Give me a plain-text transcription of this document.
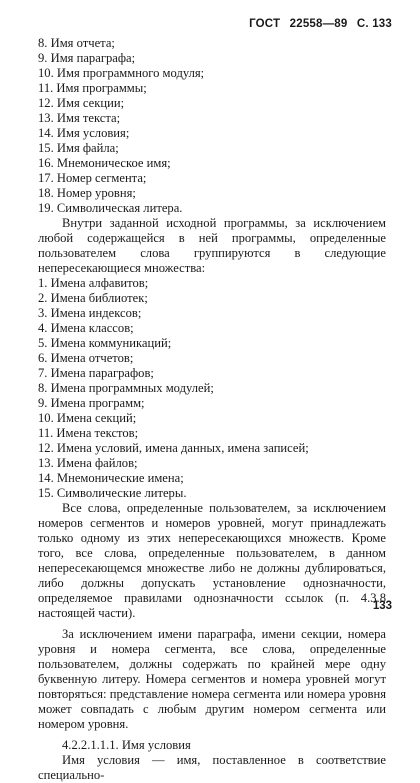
ГОСТ 22558—89 С. 133
8. Имя отчета;
9. Имя параграфа;
10. Имя программного модуля;
11. Имя программы;
12. Имя секции;
13. Имя текста;
14. Имя условия;
15. Имя файла;
16. Мнемоническое имя;
17. Номер сегмента;
18. Номер уровня;
19. Символическая литера.

Внутри заданной исходной программы, за исключением любой содержащейся в ней программы, определенные пользователем слова группируются в следующие непересекающиеся множества:

1. Имена алфавитов;
2. Имена библиотек;
3. Имена индексов;
4. Имена классов;
5. Имена коммуникаций;
6. Имена отчетов;
7. Имена параграфов;
8. Имена программных модулей;
9. Имена программ;
10. Имена секций;
11. Имена текстов;
12. Имена условий, имена данных, имена записей;
13. Имена файлов;
14. Мнемонические имена;
15. Символические литеры.

Все слова, определенные пользователем, за исключением номеров сегментов и номеров уровней, могут принадлежать только одному из этих непересекающихся множеств. Кроме того, все слова, определенные пользователем, в данном непересекающемся множестве либо не должны дублироваться, либо должны допускать установление однозначности, определяемое правилами однозначности ссылок (п. 4.3.8 настоящей части).

За исключением имени параграфа, имени секции, номера уровня и номера сегмента, все слова, определенные пользователем, должны содержать по крайней мере одну буквенную литеру. Номера сегментов и номера уровней могут повторяться: представление номера сегмента или номера уровня может совпадать с любым другим номером сегмента или номером уровня.

4.2.2.1.1.1. Имя условия

Имя условия — имя, поставленное в соответствие специально-

133
